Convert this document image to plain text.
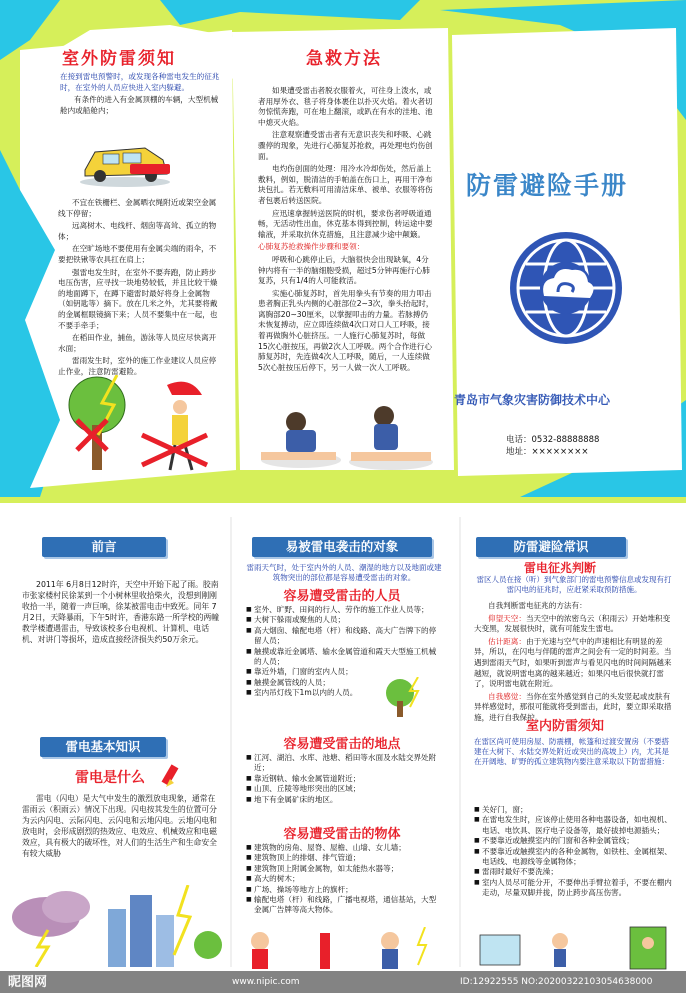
室外防雷须知

在接到雷电预警时，或发现各种雷电发生的征兆时，在室外的人员应快进入室内躲避。

有条件的进入有金属顶棚的车辆，大型机械舱内或船舱内；

不宜在铁栅栏、金属晒衣绳附近或架空金属线下停留；

远离树木、电线杆、烟囱等高耸、孤立的物体；

在空旷场地不要使用有金属尖端的雨伞，不要把铁锹等农具扛在肩上；

强雷电发生时，在室外不要奔跑，防止跨步电压伤害，应寻找一块地势较低，并且比较干燥的地面蹲下，在蹲下避雷时最好将身上金属物（如钥匙等）摘下。放在几米之外，尤其要将戴的金属框眼镜摘下来；人员不要集中在一起，也不要手牵手；

在稻田作业，捕鱼，游泳等人员应尽快离开水面；

雷雨发生时，室外的施工作业建议人员应停止作业，注意防雷避险。

急救方法

如果遭受雷击者脱衣服着火，可往身上泼水，或者用厚外衣、毯子将身体裹住以扑灭火焰。着火者切勿惊慌奔跑，可在地上翻滚，或趴在有水的洼地、池中熄灭火焰。

注意观察遭受雷击者有无意识丧失和呼吸、心跳骤停的现象，先进行心肺复苏抢救，再处理电灼伤创面。

电灼伤创面的处理：用冷水冷却伤处，然后盖上敷料，例如，脱清洁的手帕盖在伤口上，再用干净布块包扎。若无敷料可用清洁床单、被单、衣服等将伤者包裹后转送医院。

应迅速拿握转送医院的时机，要求伤者呼吸道通畅，无活动性出血，休克基本得到控制，转运途中要输液，并采取抗休克措施，且注意减少途中颠簸。

心肺复苏抢救操作步骤和要领：

呼吸和心跳停止后，大脑很快会出现缺氧，4分钟内将有一半的脑细胞受损，超过5分钟再施行心肺复苏，只有1/4的人可能救活。

实施心肺复苏时，首先用拳头有节奏的用力叩击患者胸正乳头内侧的心脏部位2~3次，拳头抬起时，离胸部20~30厘米，以掌握叩击的力量。若脉搏仍未恢复搏动，应立即连续做4次口对口人工呼吸，接着再做胸外心脏挤压。一人施行心肺复苏时，每做15次心脏按压，再做2次人工呼吸。两个合作进行心肺复苏时，先连做4次人工呼吸，随后，一人连续做5次心脏按压后停下，另一人做一次人工呼吸。

防雷避险手册
青岛市气象灾害防御技术中心
电话：0532-88888888
地址：××××××××
前言

2011年 6月8日12时许，天空中开始下起了雨。胶南市张家楼村民徐某到一个小树林里收拾柴火，没想到刚刚收拾一半，随着一声巨响，徐某被雷电击中致死。同年 7月2日，天降暴雨，下午5时许，香港东路一所学校的两幢教学楼遭遇雷击，导致该校多台电视机、计算机、电话机、对讲门等损坏，造成直接经济损失约50万余元。

雷电基本知识
雷电是什么

雷电（闪电）是大气中发生的激烈放电现象，通常在雷雨云（积雨云）情况下出现。闪电按其发生的位置可分为云内闪电、云际闪电、云闪电和云地闪电。云地闪电和放电时，会形成剧烈的热效应、电效应、机械效应和电磁效应，具有极大的破坏性，对人们的生活生产和生命安全有较大威胁

易被雷电袭击的对象
雷雨天气时，处于室内外的人员、潮湿的地方以及地面或建筑物突出的部位都是容易遭受雷击的对象。
容易遭受雷击的人员
■ 室外、旷野、田间的行人、劳作的施工作业人员等；
■ 大树下躲雨或聚焦的人员；
■ 高大烟囱、输配电塔（杆）和线路、高大广告牌下的停留人员；
■ 触摸或靠近金属塔、输水金属管道和霞天大型施工机械的人员；
■ 靠近外墙，门窗的室内人员；
■ 触摸金属管线的人员；
■ 室内吊灯线下1m以内的人员。
容易遭受雷击的地点
■ 江河、湖泊、水库、池塘、稻田等水面及水陆交界处附近；
■ 靠近钢轨、输水金属管道附近；
■ 山顶、丘陵等地形突出的区域；
■ 地下有金属矿床的地区。
容易遭受雷击的物体
■ 建筑物的房角、屋脊、屋檐、山墙、女儿墙；
■ 建筑物顶上的排烟、排气管道；
■ 建筑物顶上附属金属物，如太能热水器等；
■ 高大的树木；
■ 广场、操场等地方上的旗杆；
■ 输配电塔（杆）和线路，广播电视塔，通信基站，大型金属广告牌等高大物体。
防雷避险常识
雷区人员在接（听）到气象部门的雷电预警信息或发现有打雷闪电的征兆时，应赶紧采取预防措施。
雷电征兆判断

自我判断雷电征兆的方法有：

仰望天空：当天空中的浓密乌云（积雨云）开始堆积变大变黑，发展很快时，就有可能发生雷电。

估计距离：由于光速与空气中的声速相比有明显的差异，所以，在闪电与伴随的雷声之间会有一定的时间差。当遇到雷雨天气时，如果听到雷声与看见闪电的时间间隔越来越短，就说明雷电离的越来越近；如果闪电后很快就打雷了，说明雷电就在附近。

自我感觉：当你在室外感觉到自己的头发竖起或皮肤有异样感觉时，那很可能就将受到雷击，此时，要立即采取措施，进行自我保护。

室内防雷须知
在雷区尚可使用房屋、防震棚，帐篷和过渡安置房（不要搭建在大树下、水陆交界处附近或突出的高坡上）内，尤其是在开阔地、旷野的孤立建筑物内要注意采取以下防雷措施：
■ 关好门，窗；
■ 在雷电发生时，应该停止使用各种电器设备，如电视机、电话、电饮具、医疗电子设备等，最好拔掉电源插头；
■ 不要靠近或触摸室内的门窗和各种金属管线；
■ 不要靠近或触摸室内的各种金属物，如铁柱、金属框架、电话线、电源线等金属物体；
■ 雷雨时最好不要洗澡；
■ 室内人员尽可能分开，不要伸出手臂拉着手，不要在棚内走动，尽量双脚并拢，防止跨步高压伤害。
昵图网	www.nipic.com	ID:12922555 NO:20200322103054638000
